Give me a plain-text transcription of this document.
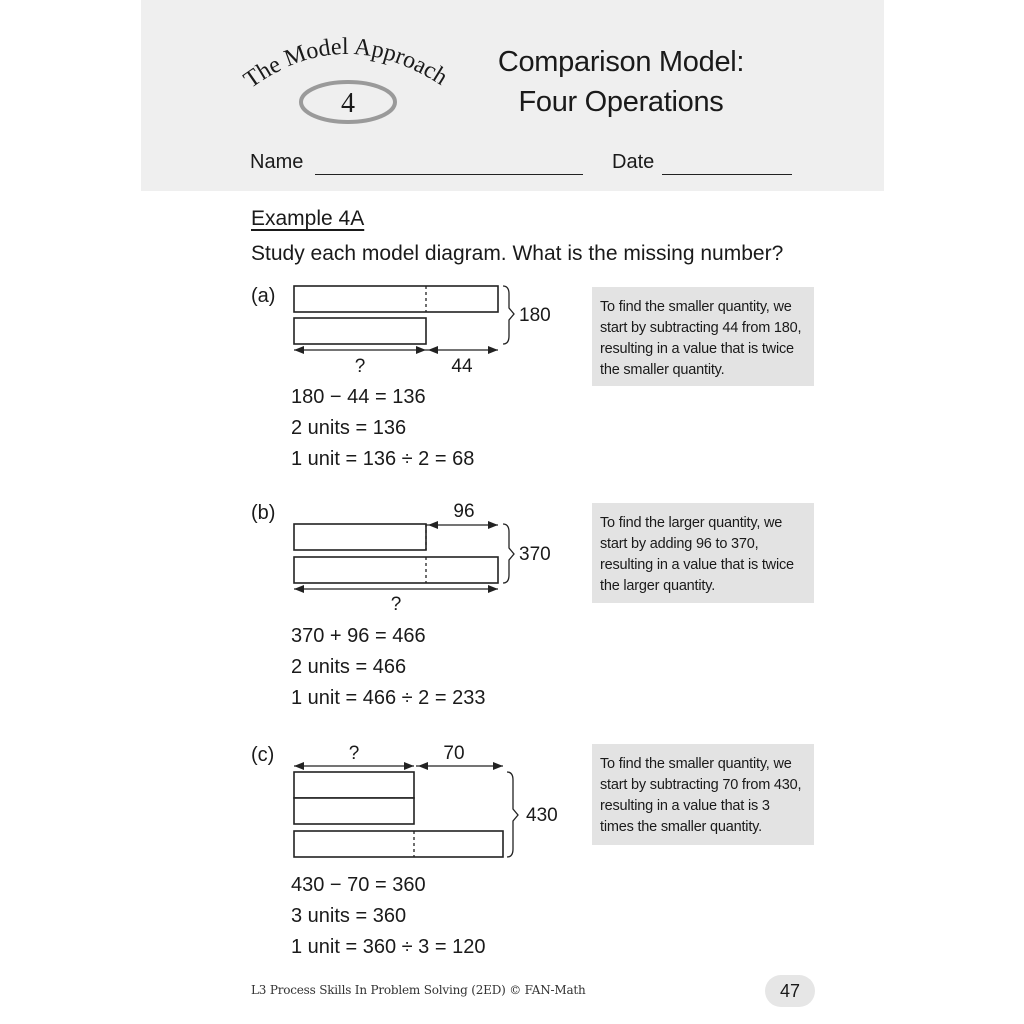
The Model Approach
4
Comparison Model:
Four Operations
Name	Date
Example 4A
Study each model diagram. What is the missing number?
(a)
180
?	44
180 − 44 = 136
2 units = 136
1 unit = 136 ÷ 2 = 68
To find the smaller quantity, we start by subtracting 44 from 180, resulting in a value that is twice the smaller quantity.
(b)	96
370
?
370 + 96 = 466
2 units = 466
1 unit = 466 ÷ 2 = 233
To find the larger quantity, we start by adding 96 to 370, resulting in a value that is twice the larger quantity.
(c)	?	70
430
430 − 70 = 360
3 units = 360
1 unit = 360 ÷ 3 = 120
To find the smaller quantity, we start by subtracting 70 from 430, resulting in a value that is 3 times the smaller quantity.
L3 Process Skills In Problem Solving (2ED) © FAN-Math	47
